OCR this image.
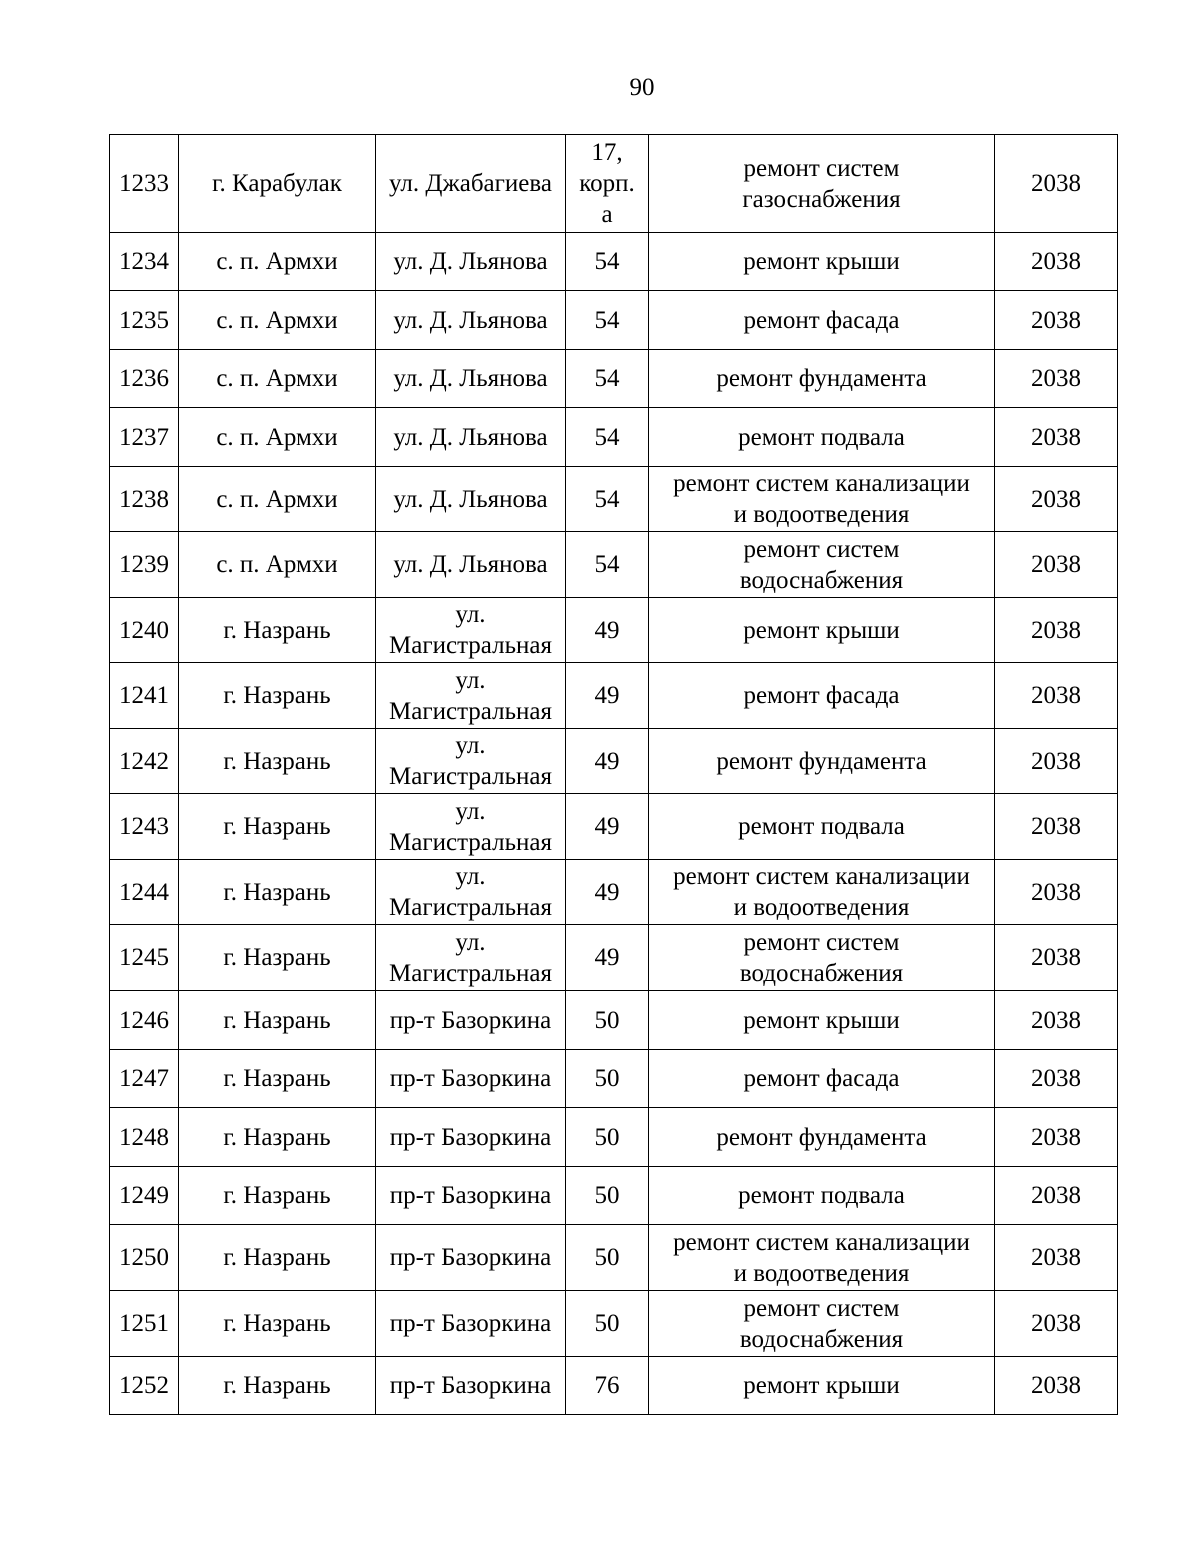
90
1233	г. Карабулак	ул. Джабагиева	17,
корп.
а	ремонт систем
газоснабжения	2038
1234	с. п. Армхи	ул. Д. Льянова	54	ремонт крыши	2038
1235	с. п. Армхи	ул. Д. Льянова	54	ремонт фасада	2038
1236	с. п. Армхи	ул. Д. Льянова	54	ремонт фундамента	2038
1237	с. п. Армхи	ул. Д. Льянова	54	ремонт подвала	2038
1238	с. п. Армхи	ул. Д. Льянова	54	ремонт систем канализации
и водоотведения	2038
1239	с. п. Армхи	ул. Д. Льянова	54	ремонт систем
водоснабжения	2038
1240	г. Назрань	ул.
Магистральная	49	ремонт крыши	2038
1241	г. Назрань	ул.
Магистральная	49	ремонт фасада	2038
1242	г. Назрань	ул.
Магистральная	49	ремонт фундамента	2038
1243	г. Назрань	ул.
Магистральная	49	ремонт подвала	2038
1244	г. Назрань	ул.
Магистральная	49	ремонт систем канализации
и водоотведения	2038
1245	г. Назрань	ул.
Магистральная	49	ремонт систем
водоснабжения	2038
1246	г. Назрань	пр-т Базоркина	50	ремонт крыши	2038
1247	г. Назрань	пр-т Базоркина	50	ремонт фасада	2038
1248	г. Назрань	пр-т Базоркина	50	ремонт фундамента	2038
1249	г. Назрань	пр-т Базоркина	50	ремонт подвала	2038
1250	г. Назрань	пр-т Базоркина	50	ремонт систем канализации
и водоотведения	2038
1251	г. Назрань	пр-т Базоркина	50	ремонт систем
водоснабжения	2038
1252	г. Назрань	пр-т Базоркина	76	ремонт крыши	2038
